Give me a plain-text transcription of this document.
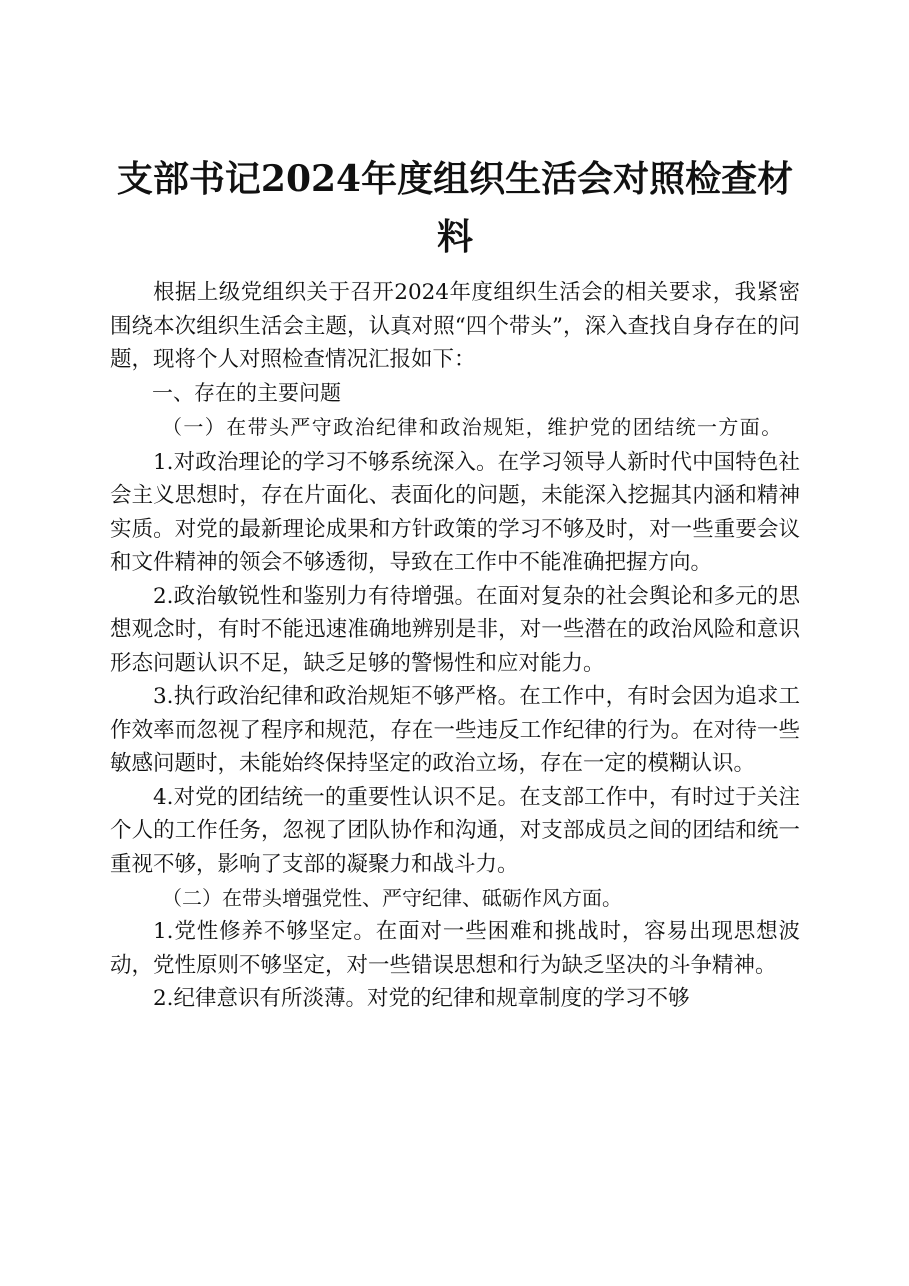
支部书记2024年度组织生活会对照检查材料

根据上级党组织关于召开2024年度组织生活会的相关要求，我紧密围绕本次组织生活会主题，认真对照“四个带头”，深入查找自身存在的问题，现将个人对照检查情况汇报如下：

一、存在的主要问题

（一）在带头严守政治纪律和政治规矩，维护党的团结统一方面。

1.对政治理论的学习不够系统深入。在学习领导人新时代中国特色社会主义思想时，存在片面化、表面化的问题，未能深入挖掘其内涵和精神实质。对党的最新理论成果和方针政策的学习不够及时，对一些重要会议和文件精神的领会不够透彻，导致在工作中不能准确把握方向。

2.政治敏锐性和鉴别力有待增强。在面对复杂的社会舆论和多元的思想观念时，有时不能迅速准确地辨别是非，对一些潜在的政治风险和意识形态问题认识不足，缺乏足够的警惕性和应对能力。

3.执行政治纪律和政治规矩不够严格。在工作中，有时会因为追求工作效率而忽视了程序和规范，存在一些违反工作纪律的行为。在对待一些敏感问题时，未能始终保持坚定的政治立场，存在一定的模糊认识。

4.对党的团结统一的重要性认识不足。在支部工作中，有时过于关注个人的工作任务，忽视了团队协作和沟通，对支部成员之间的团结和统一重视不够，影响了支部的凝聚力和战斗力。

（二）在带头增强党性、严守纪律、砥砺作风方面。

1.党性修养不够坚定。在面对一些困难和挑战时，容易出现思想波动，党性原则不够坚定，对一些错误思想和行为缺乏坚决的斗争精神。

2.纪律意识有所淡薄。对党的纪律和规章制度的学习不够
